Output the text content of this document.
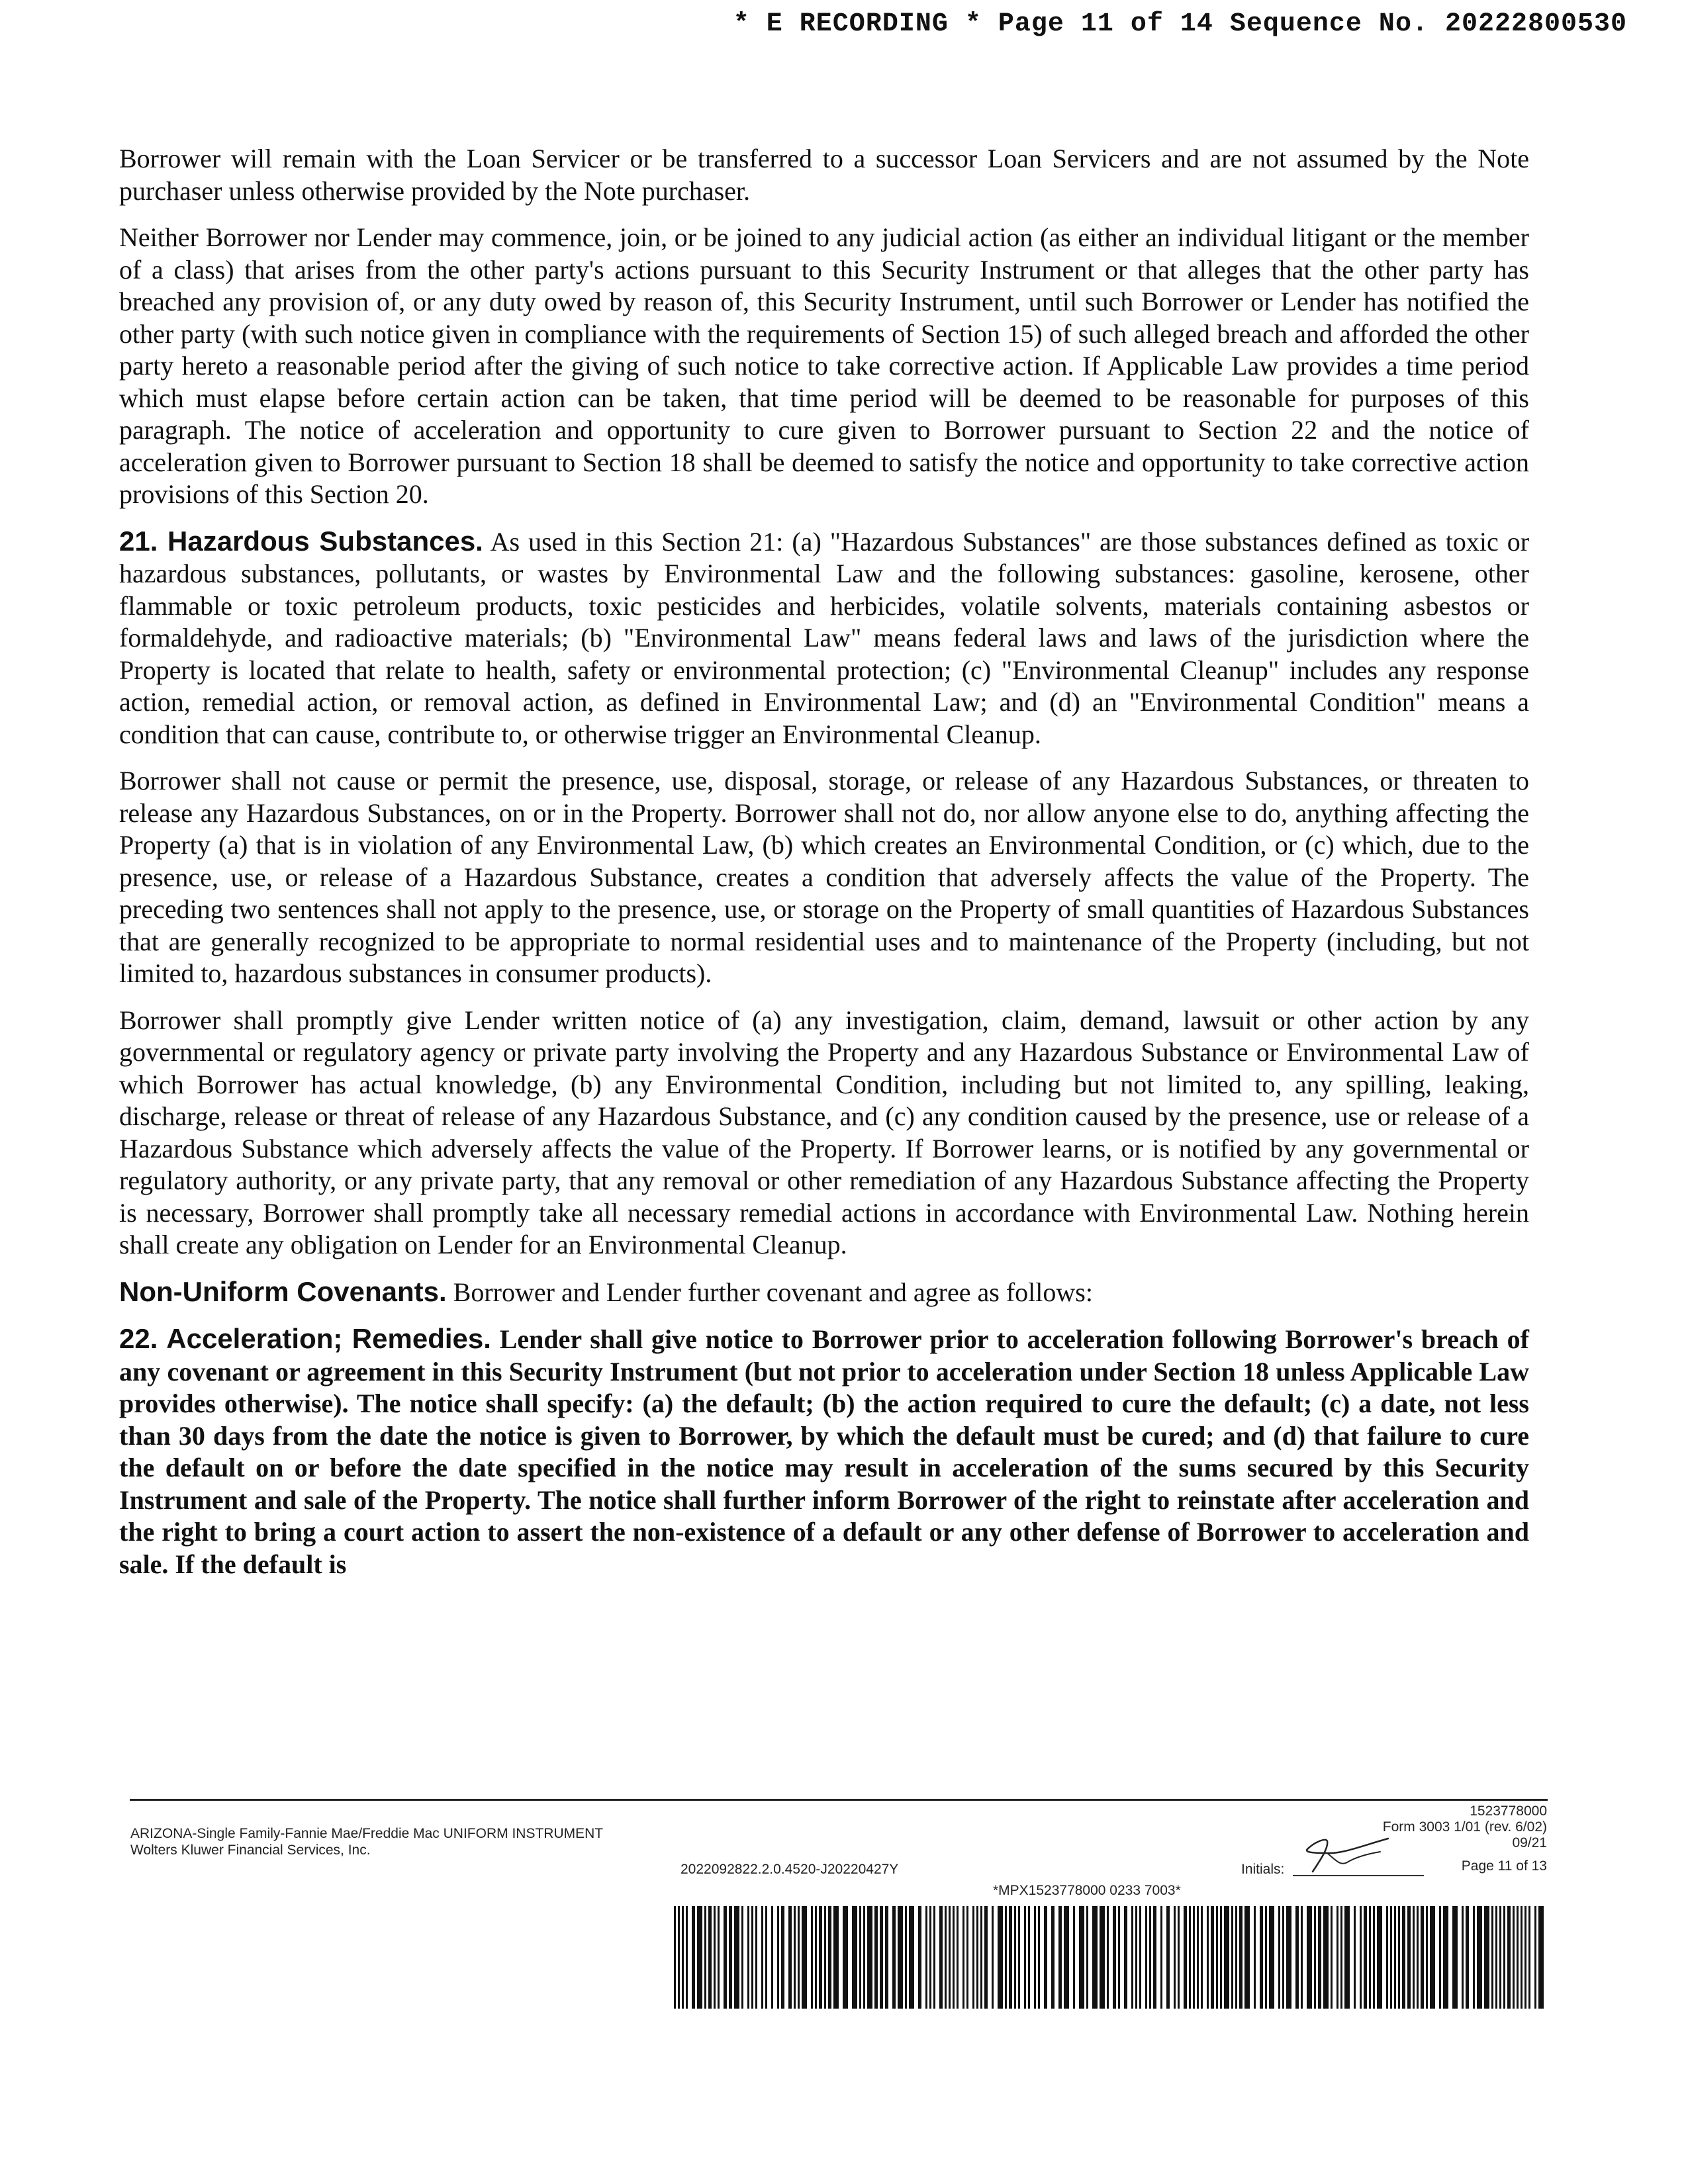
* E RECORDING * Page 11 of 14 Sequence No. 20222800530

Borrower will remain with the Loan Servicer or be transferred to a successor Loan Servicers and are not assumed by the Note purchaser unless otherwise provided by the Note purchaser.

Neither Borrower nor Lender may commence, join, or be joined to any judicial action (as either an individual litigant or the member of a class) that arises from the other party's actions pursuant to this Security Instrument or that alleges that the other party has breached any provision of, or any duty owed by reason of, this Security Instrument, until such Borrower or Lender has notified the other party (with such notice given in compliance with the requirements of Section 15) of such alleged breach and afforded the other party hereto a reasonable period after the giving of such notice to take corrective action. If Applicable Law provides a time period which must elapse before certain action can be taken, that time period will be deemed to be reasonable for purposes of this paragraph. The notice of acceleration and opportunity to cure given to Borrower pursuant to Section 22 and the notice of acceleration given to Borrower pursuant to Section 18 shall be deemed to satisfy the notice and opportunity to take corrective action provisions of this Section 20.

21. Hazardous Substances. As used in this Section 21: (a) "Hazardous Substances" are those substances defined as toxic or hazardous substances, pollutants, or wastes by Environmental Law and the following substances: gasoline, kerosene, other flammable or toxic petroleum products, toxic pesticides and herbicides, volatile solvents, materials containing asbestos or formaldehyde, and radioactive materials; (b) "Environmental Law" means federal laws and laws of the jurisdiction where the Property is located that relate to health, safety or environmental protection; (c) "Environmental Cleanup" includes any response action, remedial action, or removal action, as defined in Environmental Law; and (d) an "Environmental Condition" means a condition that can cause, contribute to, or otherwise trigger an Environmental Cleanup.

Borrower shall not cause or permit the presence, use, disposal, storage, or release of any Hazardous Substances, or threaten to release any Hazardous Substances, on or in the Property. Borrower shall not do, nor allow anyone else to do, anything affecting the Property (a) that is in violation of any Environmental Law, (b) which creates an Environmental Condition, or (c) which, due to the presence, use, or release of a Hazardous Substance, creates a condition that adversely affects the value of the Property. The preceding two sentences shall not apply to the presence, use, or storage on the Property of small quantities of Hazardous Substances that are generally recognized to be appropriate to normal residential uses and to maintenance of the Property (including, but not limited to, hazardous substances in consumer products).

Borrower shall promptly give Lender written notice of (a) any investigation, claim, demand, lawsuit or other action by any governmental or regulatory agency or private party involving the Property and any Hazardous Substance or Environmental Law of which Borrower has actual knowledge, (b) any Environmental Condition, including but not limited to, any spilling, leaking, discharge, release or threat of release of any Hazardous Substance, and (c) any condition caused by the presence, use or release of a Hazardous Substance which adversely affects the value of the Property. If Borrower learns, or is notified by any governmental or regulatory authority, or any private party, that any removal or other remediation of any Hazardous Substance affecting the Property is necessary, Borrower shall promptly take all necessary remedial actions in accordance with Environmental Law. Nothing herein shall create any obligation on Lender for an Environmental Cleanup.

Non-Uniform Covenants. Borrower and Lender further covenant and agree as follows:

22. Acceleration; Remedies. Lender shall give notice to Borrower prior to acceleration following Borrower's breach of any covenant or agreement in this Security Instrument (but not prior to acceleration under Section 18 unless Applicable Law provides otherwise). The notice shall specify: (a) the default; (b) the action required to cure the default; (c) a date, not less than 30 days from the date the notice is given to Borrower, by which the default must be cured; and (d) that failure to cure the default on or before the date specified in the notice may result in acceleration of the sums secured by this Security Instrument and sale of the Property. The notice shall further inform Borrower of the right to reinstate after acceleration and the right to bring a court action to assert the non-existence of a default or any other defense of Borrower to acceleration and sale. If the default is

1523778000
ARIZONA-Single Family-Fannie Mae/Freddie Mac UNIFORM INSTRUMENT
Wolters Kluwer Financial Services, Inc.
Form 3003 1/01 (rev. 6/02)
09/21
2022092822.2.0.4520-J20220427Y	Initials:	Page 11 of 13
*MPX1523778000 0233 7003*
